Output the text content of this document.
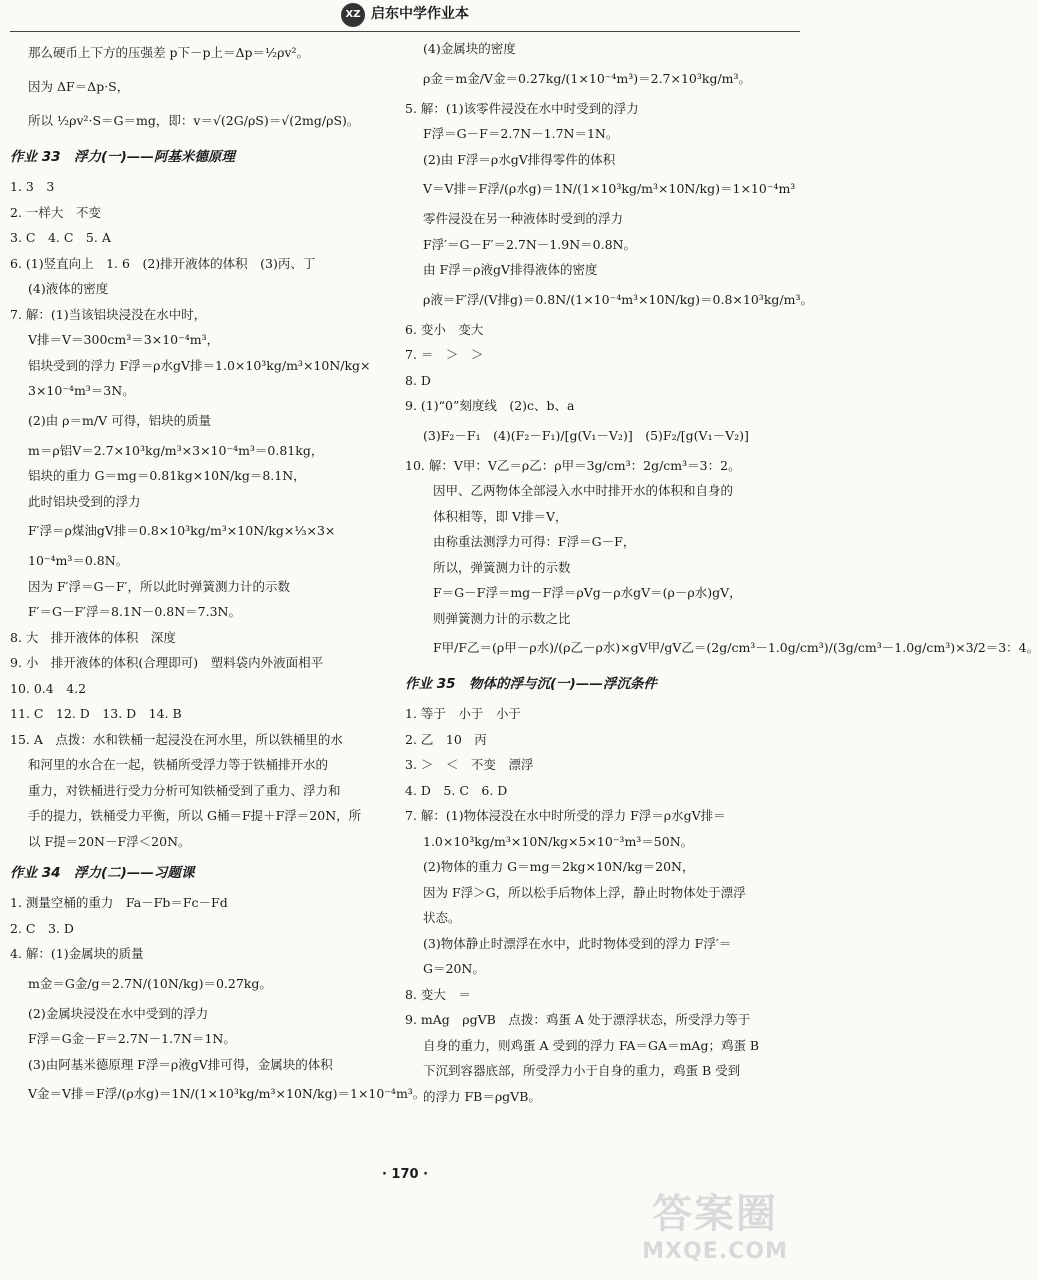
XZ 启东中学作业本
那么硬币上下方的压强差 p下－p上＝Δp＝½ρv²。
因为 ΔF＝Δp·S，
所以 ½ρv²·S＝G＝mg，即：v＝√(2G/ρS)＝√(2mg/ρS)。
作业 33　浮力(一)——阿基米德原理
1. 3　3
2. 一样大　不变
3. C　4. C　5. A
6. (1)竖直向上　1. 6　(2)排开液体的体积　(3)丙、丁
(4)液体的密度
7. 解：(1)当该铝块浸没在水中时，
V排＝V＝300cm³＝3×10⁻⁴m³，
铝块受到的浮力 F浮＝ρ水gV排＝1.0×10³kg/m³×10N/kg×
3×10⁻⁴m³＝3N。
(2)由 ρ＝m/V 可得，铝块的质量
m＝ρ铝V＝2.7×10³kg/m³×3×10⁻⁴m³＝0.81kg，
铝块的重力 G＝mg＝0.81kg×10N/kg＝8.1N，
此时铝块受到的浮力
F′浮＝ρ煤油gV排＝0.8×10³kg/m³×10N/kg×⅓×3×
10⁻⁴m³＝0.8N。
因为 F′浮＝G－F′，所以此时弹簧测力计的示数
F′＝G－F′浮＝8.1N－0.8N＝7.3N。
8. 大　排开液体的体积　深度
9. 小　排开液体的体积(合理即可)　塑料袋内外液面相平
10. 0.4　4.2
11. C　12. D　13. D　14. B
15. A　点拨：水和铁桶一起浸没在河水里，所以铁桶里的水
和河里的水合在一起，铁桶所受浮力等于铁桶排开水的
重力，对铁桶进行受力分析可知铁桶受到了重力、浮力和
手的提力，铁桶受力平衡，所以 G桶＝F提＋F浮＝20N，所
以 F提＝20N－F浮＜20N。
作业 34　浮力(二)——习题课
1. 测量空桶的重力　Fa－Fb＝Fc－Fd
2. C　3. D
4. 解：(1)金属块的质量
m金＝G金/g＝2.7N/(10N/kg)＝0.27kg。
(2)金属块浸没在水中受到的浮力
F浮＝G金－F＝2.7N－1.7N＝1N。
(3)由阿基米德原理 F浮＝ρ液gV排可得，金属块的体积
V金＝V排＝F浮/(ρ水g)＝1N/(1×10³kg/m³×10N/kg)＝1×10⁻⁴m³。
(4)金属块的密度
ρ金＝m金/V金＝0.27kg/(1×10⁻⁴m³)＝2.7×10³kg/m³。
5. 解：(1)该零件浸没在水中时受到的浮力
F浮＝G－F＝2.7N－1.7N＝1N。
(2)由 F浮＝ρ水gV排得零件的体积
V＝V排＝F浮/(ρ水g)＝1N/(1×10³kg/m³×10N/kg)＝1×10⁻⁴m³
零件浸没在另一种液体时受到的浮力
F浮′＝G－F′＝2.7N－1.9N＝0.8N。
由 F浮＝ρ液gV排得液体的密度
ρ液＝F′浮/(V排g)＝0.8N/(1×10⁻⁴m³×10N/kg)＝0.8×10³kg/m³。
6. 变小　变大
7. ＝　＞　＞
8. D
9. (1)“0”刻度线　(2)c、b、a
(3)F₂－F₁　(4)(F₂－F₁)/[g(V₁－V₂)]　(5)F₂/[g(V₁－V₂)]
10. 解：V甲：V乙＝ρ乙：ρ甲＝3g/cm³：2g/cm³＝3：2。
因甲、乙两物体全部浸入水中时排开水的体积和自身的
体积相等，即 V排＝V，
由称重法测浮力可得：F浮＝G－F，
所以，弹簧测力计的示数
F＝G－F浮＝mg－F浮＝ρVg－ρ水gV＝(ρ－ρ水)gV，
则弹簧测力计的示数之比
F甲/F乙＝(ρ甲－ρ水)/(ρ乙－ρ水)×gV甲/gV乙＝(2g/cm³－1.0g/cm³)/(3g/cm³－1.0g/cm³)×3/2＝3：4。
作业 35　物体的浮与沉(一)——浮沉条件
1. 等于　小于　小于
2. 乙　10　丙
3. ＞　＜　不变　漂浮
4. D　5. C　6. D
7. 解：(1)物体浸没在水中时所受的浮力 F浮＝ρ水gV排＝
1.0×10³kg/m³×10N/kg×5×10⁻³m³＝50N。
(2)物体的重力 G＝mg＝2kg×10N/kg＝20N，
因为 F浮＞G，所以松手后物体上浮，静止时物体处于漂浮
状态。
(3)物体静止时漂浮在水中，此时物体受到的浮力 F浮′＝
G＝20N。
8. 变大　＝
9. mAg　ρgVB　点拨：鸡蛋 A 处于漂浮状态，所受浮力等于
自身的重力，则鸡蛋 A 受到的浮力 FA＝GA＝mAg；鸡蛋 B
下沉到容器底部，所受浮力小于自身的重力，鸡蛋 B 受到
的浮力 FB＝ρgVB。
· 170 ·
答案圈
MXQE.COM
